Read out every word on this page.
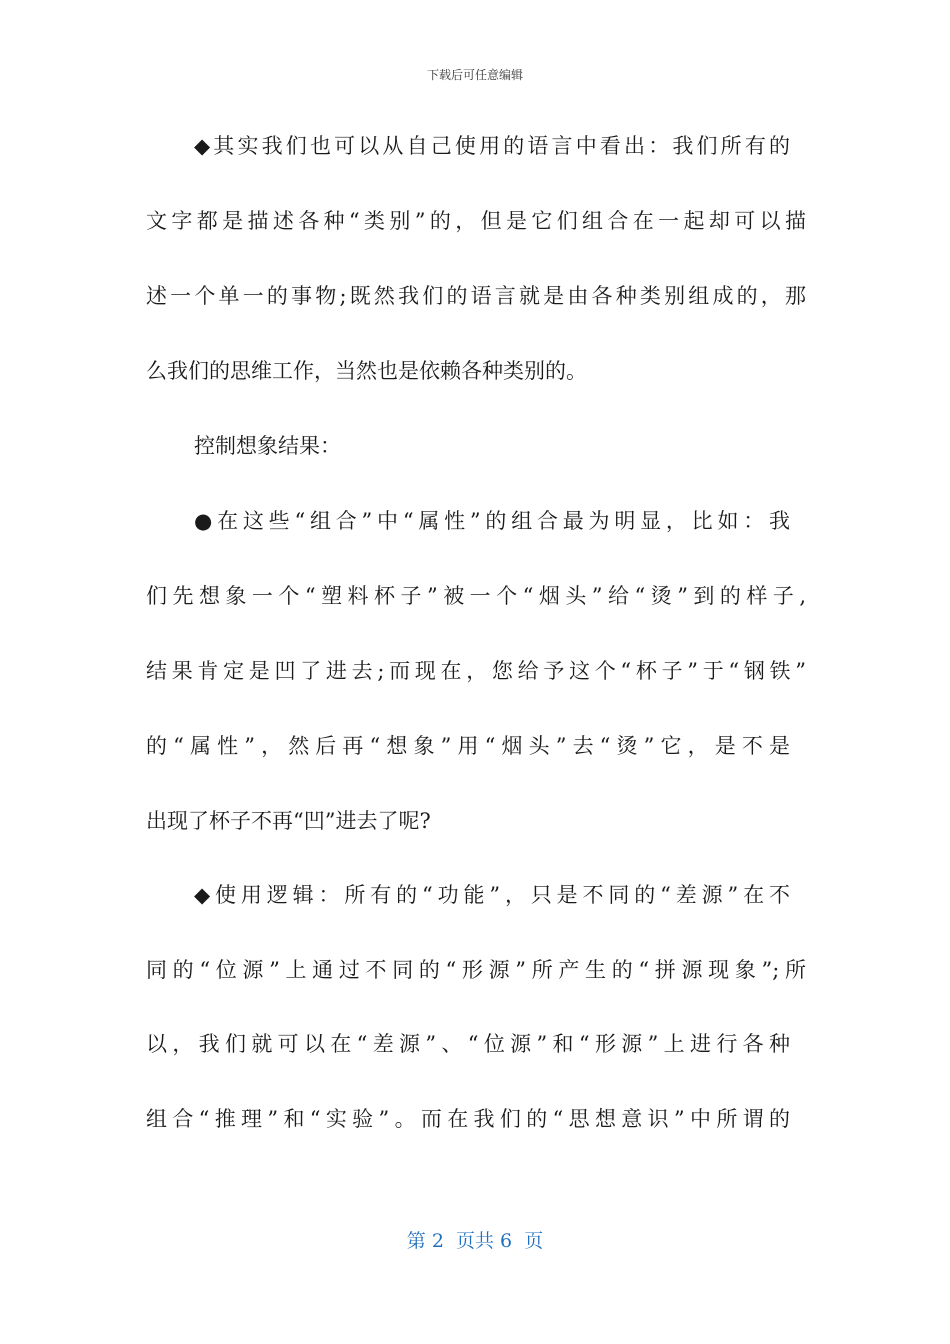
下载后可任意编辑
◆其实我们也可以从自己使用的语言中看出：我们所有的
文字都是描述各种“类别”的，但是它们组合在一起却可以描
述一个单一的事物;既然我们的语言就是由各种类别组成的，那
么我们的思维工作，当然也是依赖各种类别的。
控制想象结果：
●在这些“组合”中“属性”的组合最为明显，比如：我
们先想象一个“塑料杯子”被一个“烟头”给“烫”到的样子,
结果肯定是凹了进去;而现在，您给予这个“杯子”于“钢铁”
的“属性”，然后再“想象”用“烟头”去“烫”它，是不是
出现了杯子不再“凹”进去了呢?
◆使用逻辑：所有的“功能”，只是不同的“差源”在不
同的“位源”上通过不同的“形源”所产生的“拼源现象”;所
以，我们就可以在“差源”、“位源”和“形源”上进行各种
组合“推理”和“实验”。而在我们的“思想意识”中所谓的
第 2  页共 6  页
